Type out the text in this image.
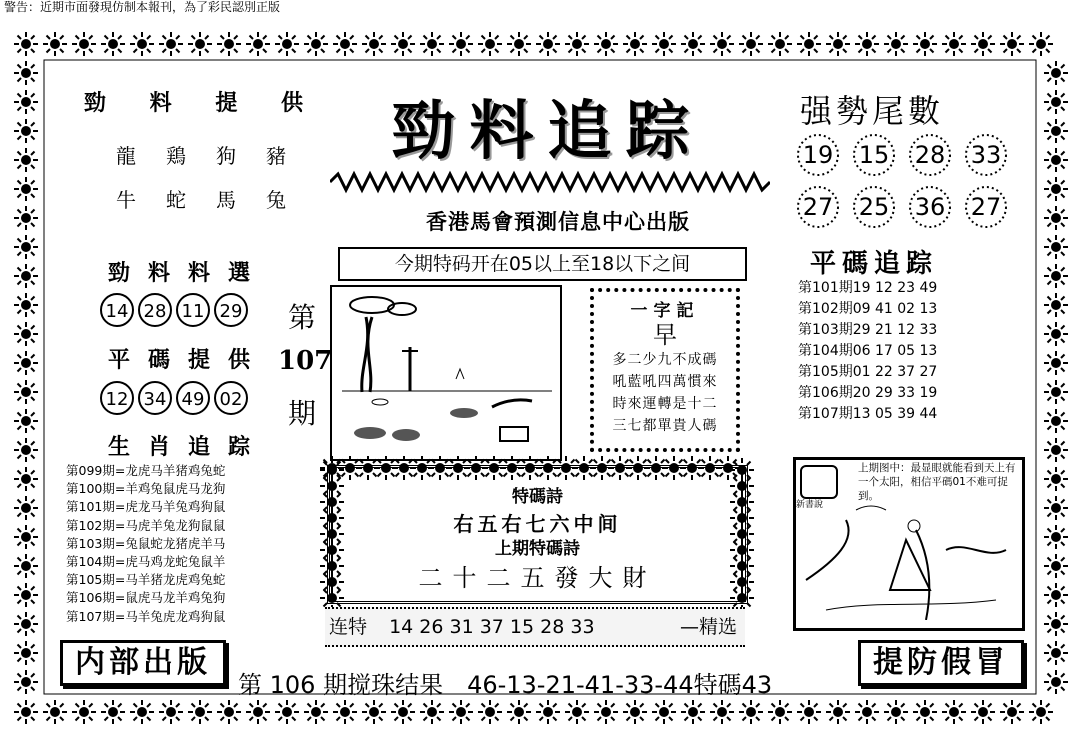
警告：近期市面發現仿制本報刊，為了彩民認別正版
勁 料 提 供
龍鶏狗豬
牛蛇馬兔
勁料料選
14 28 11 29
平碼提供
12 34 49 02
第
107
期
生肖追踪
第099期=龙虎马羊猪鸡兔蛇
第100期=羊鸡兔鼠虎马龙狗
第101期=虎龙马羊兔鸡狗鼠
第102期=马虎羊兔龙狗鼠鼠
第103期=兔鼠蛇龙猪虎羊马
第104期=虎马鸡龙蛇兔鼠羊
第105期=马羊猪龙虎鸡兔蛇
第106期=鼠虎马龙羊鸡兔狗
第107期=马羊兔虎龙鸡狗鼠
内部出版
勁料追踪
香港馬會預測信息中心出版
今期特码开在05以上至18以下之间
一字記
早
多二少九不成碼
吼藍吼四萬慣來
時來運轉是十二
三七都單貴人碼
特碼詩
右五右七六中间
上期特碼詩
二十二五發大財
连特 14 26 31 37 15 28 33	—精选
第 106 期搅珠结果　46-13-21-41-33-44特碼43
强勢尾數
19	15	28	33
27	25	36	27
平碼追踪
第101期19 12 23 49
第102期09 41 02 13
第103期29 21 12 33
第104期06 17 05 13
第105期01 22 37 27
第106期20 29 33 19
第107期13 05 39 44
新書說
上期图中：最显眼就能看到天上有一个太阳，相信平碼01不难可捉到。
提防假冒
